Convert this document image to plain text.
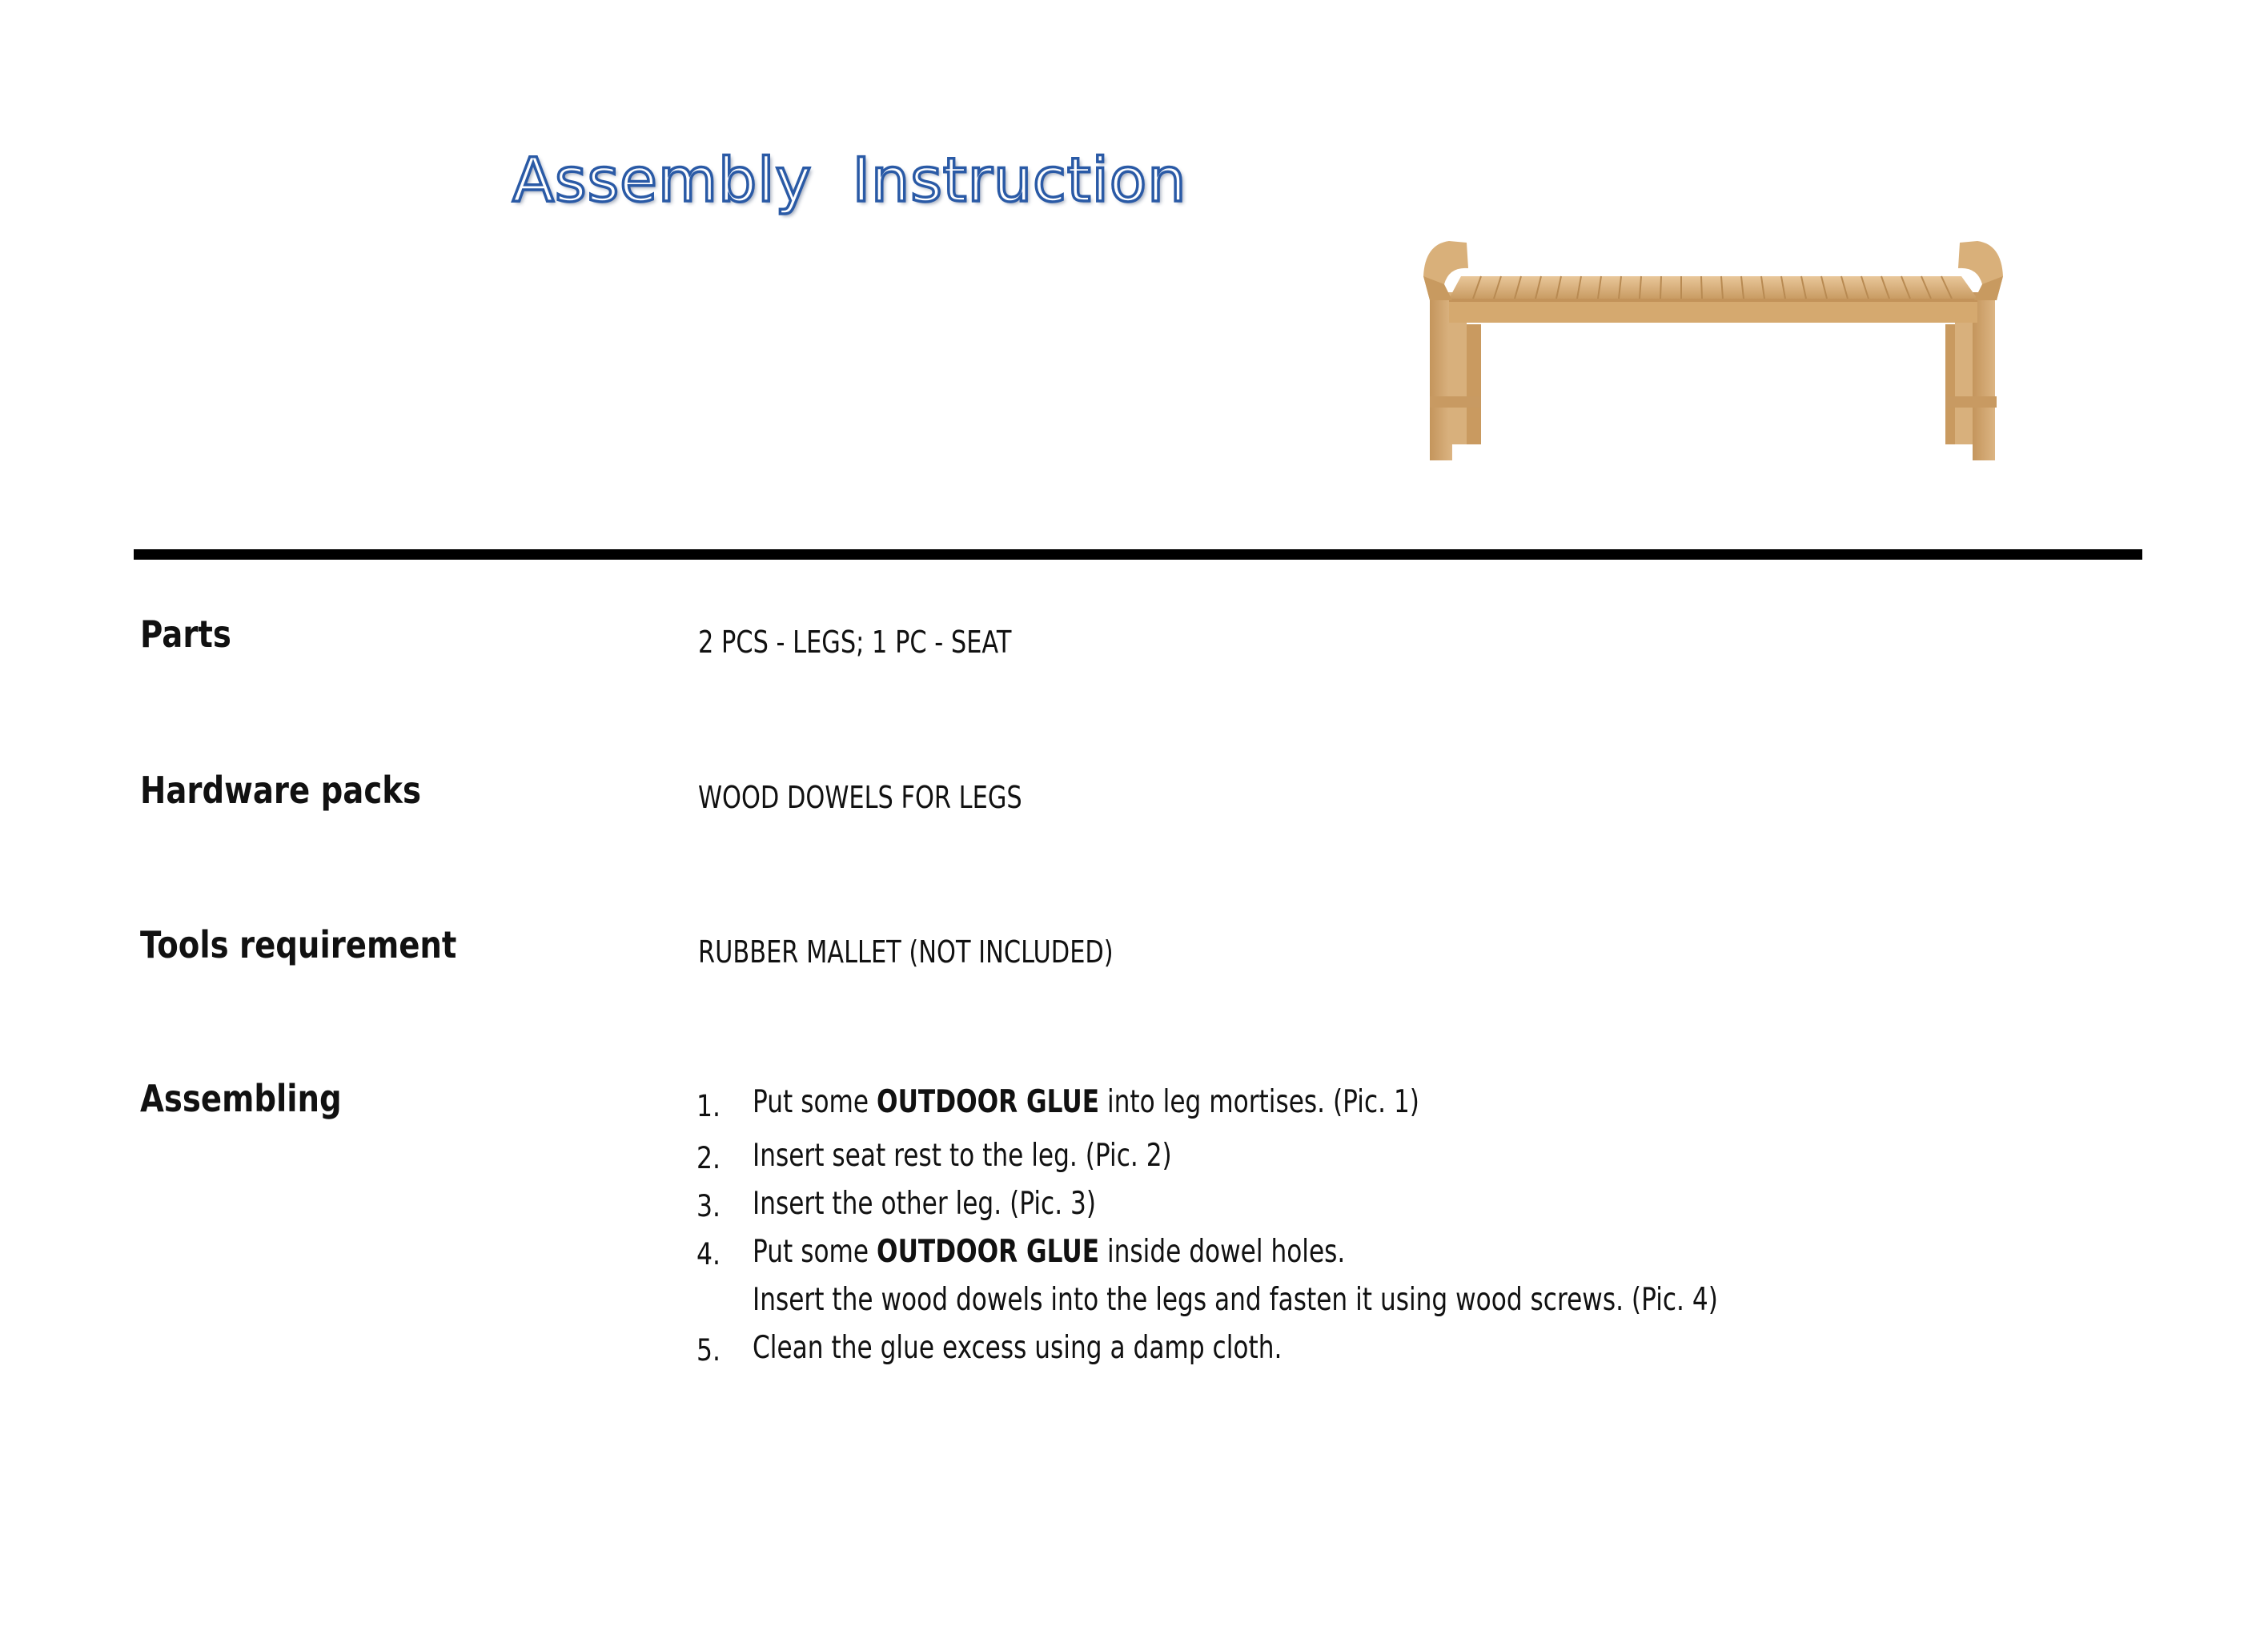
Assembly  Instruction
Parts	2 PCS - LEGS; 1 PC - SEAT
Hardware packs	WOOD DOWELS FOR LEGS
Tools requirement	RUBBER MALLET (NOT INCLUDED)
Assembling	1. Put some OUTDOOR GLUE into leg mortises. (Pic. 1)
2. Insert seat rest to the leg. (Pic. 2)
3. Insert the other leg. (Pic. 3)
4. Put some OUTDOOR GLUE inside dowel holes.
Insert the wood dowels into the legs and fasten it using wood screws. (Pic. 4)
5. Clean the glue excess using a damp cloth.
